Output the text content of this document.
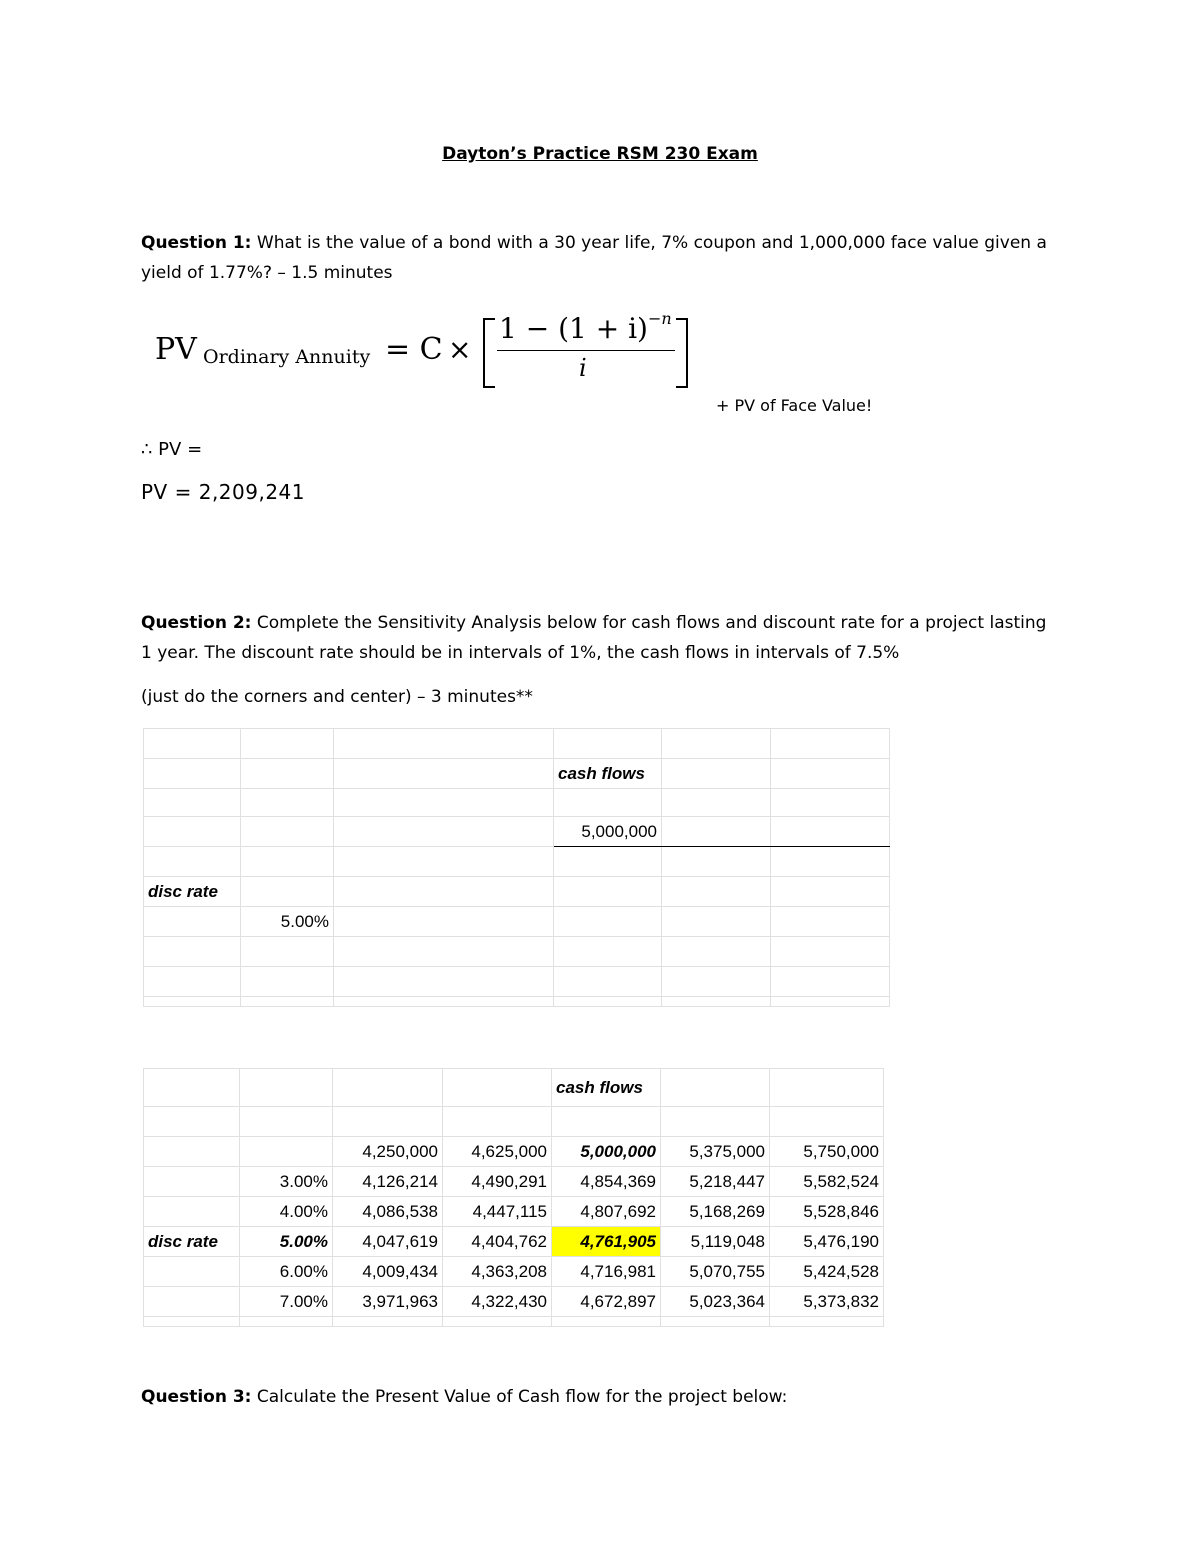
Dayton’s Practice RSM 230 Exam
Question 1: What is the value of a bond with a 30 year life, 7% coupon and 1,000,000 face value given a
yield of 1.77%? – 1.5 minutes
PV Ordinary Annuity = C ×
$1 - (1 + i)^{-n}$
i
+ PV of Face Value!
∴ PV =
PV = 2,209,241
Question 2: Complete the Sensitivity Analysis below for cash flows and discount rate for a project lasting
1 year. The discount rate should be in intervals of 1%, the cash flows in intervals of 7.5%
(just do the corners and center) – 3 minutes**

			cash flows		

			5,000,000		

disc rate					
	5.00%				

				cash flows		

		4,250,000	4,625,000	5,000,000	5,375,000	5,750,000
	3.00%	4,126,214	4,490,291	4,854,369	5,218,447	5,582,524
	4.00%	4,086,538	4,447,115	4,807,692	5,168,269	5,528,846
disc rate	5.00%	4,047,619	4,404,762	4,761,905	5,119,048	5,476,190
	6.00%	4,009,434	4,363,208	4,716,981	5,070,755	5,424,528
	7.00%	3,971,963	4,322,430	4,672,897	5,023,364	5,373,832

Question 3: Calculate the Present Value of Cash flow for the project below:
